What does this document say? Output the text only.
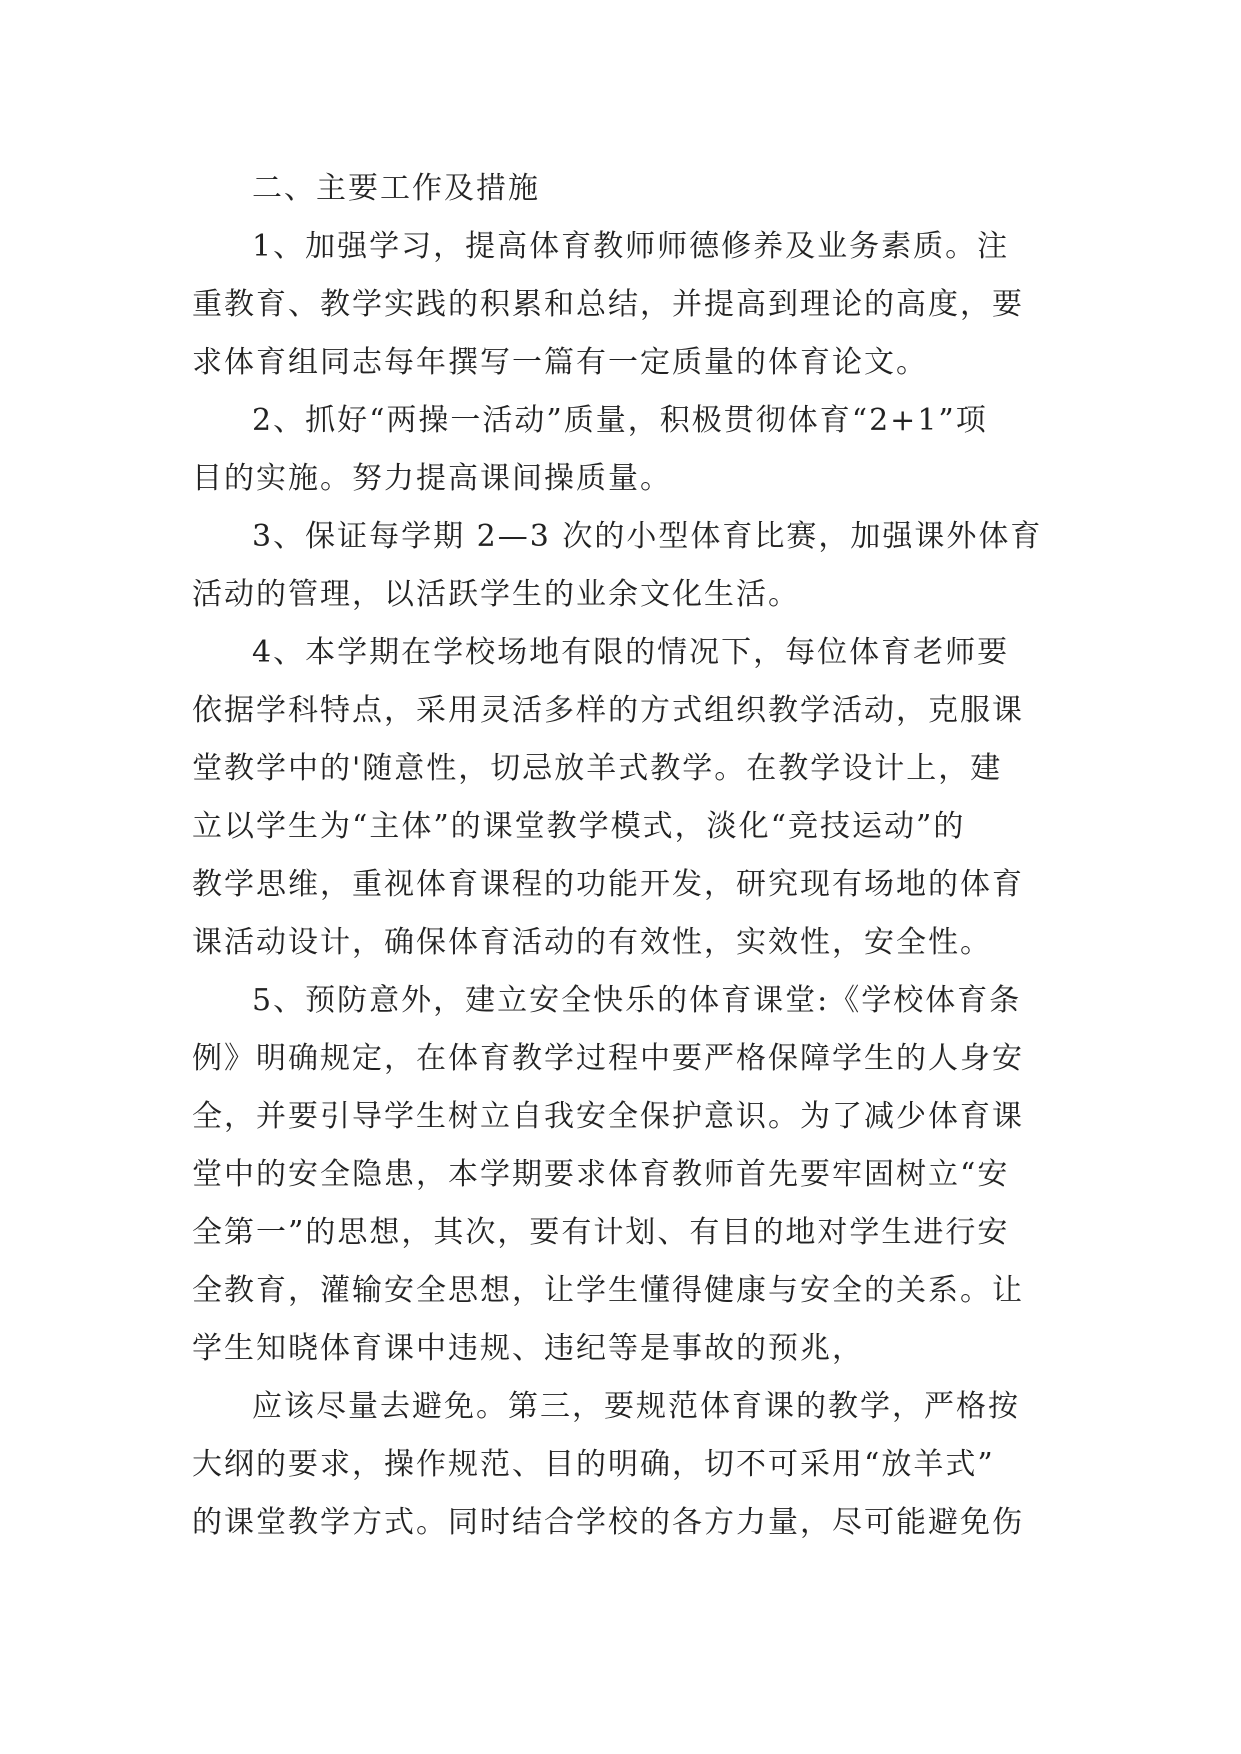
二、主要工作及措施
1、加强学习，提高体育教师师德修养及业务素质。注
重教育、教学实践的积累和总结，并提高到理论的高度，要
求体育组同志每年撰写一篇有一定质量的体育论文。
2、抓好“两操一活动”质量，积极贯彻体育“2+1”项
目的实施。努力提高课间操质量。
3、保证每学期 2—3 次的小型体育比赛，加强课外体育
活动的管理，以活跃学生的业余文化生活。
4、本学期在学校场地有限的情况下，每位体育老师要
依据学科特点，采用灵活多样的方式组织教学活动，克服课
堂教学中的'随意性，切忌放羊式教学。在教学设计上，建
立以学生为“主体”的课堂教学模式，淡化“竞技运动”的
教学思维，重视体育课程的功能开发，研究现有场地的体育
课活动设计，确保体育活动的有效性，实效性，安全性。
5、预防意外，建立安全快乐的体育课堂:《学校体育条
例》明确规定，在体育教学过程中要严格保障学生的人身安
全，并要引导学生树立自我安全保护意识。为了减少体育课
堂中的安全隐患，本学期要求体育教师首先要牢固树立“安
全第一”的思想，其次，要有计划、有目的地对学生进行安
全教育，灌输安全思想，让学生懂得健康与安全的关系。让
学生知晓体育课中违规、违纪等是事故的预兆，
应该尽量去避免。第三，要规范体育课的教学，严格按
大纲的要求，操作规范、目的明确，切不可采用“放羊式”
的课堂教学方式。同时结合学校的各方力量，尽可能避免伤
